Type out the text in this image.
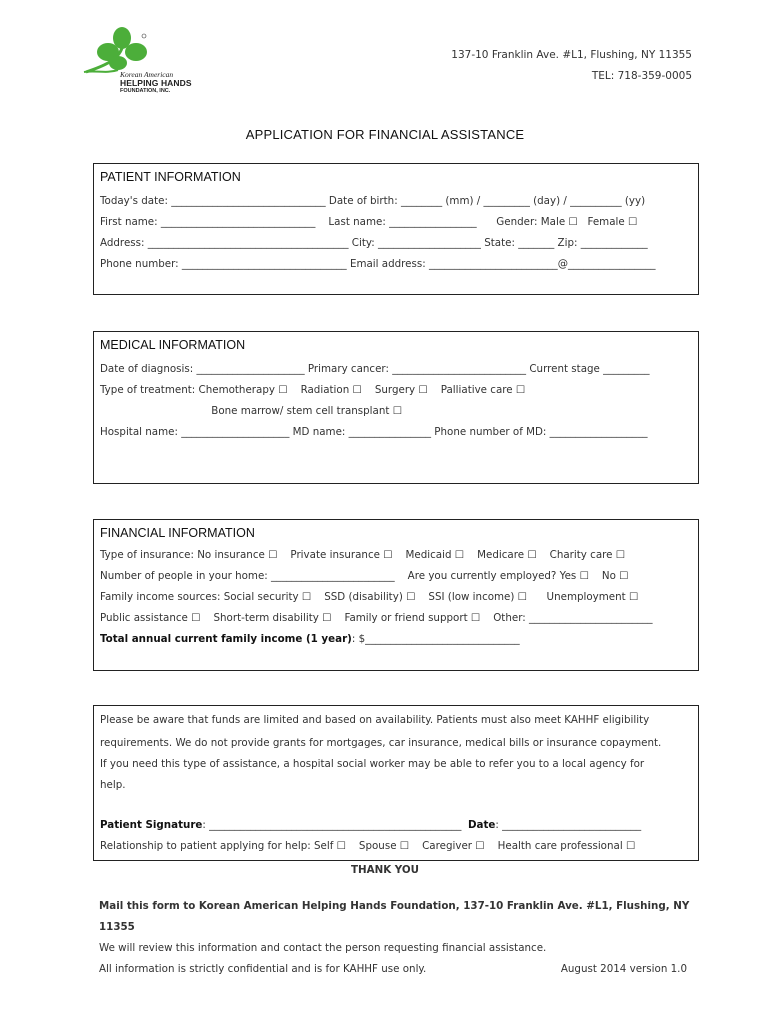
Korean American
HELPING HANDS
FOUNDATION, INC.
137-10 Franklin Ave. #L1, Flushing, NY 11355
TEL: 718-359-0005
APPLICATION FOR FINANCIAL ASSISTANCE
PATIENT INFORMATION
Today's date: ______________________________ Date of birth: ________ (mm) / _________ (day) / __________ (yy)
First name: ______________________________    Last name: _________________      Gender: Male ☐   Female ☐
Address: _______________________________________ City: ____________________ State: _______ Zip: _____________
Phone number: ________________________________ Email address: _________________________@_________________
MEDICAL INFORMATION
Date of diagnosis: _____________________ Primary cancer: __________________________ Current stage _________
Type of treatment: Chemotherapy ☐    Radiation ☐    Surgery ☐    Palliative care ☐
Bone marrow/ stem cell transplant ☐
Hospital name: _____________________ MD name: ________________ Phone number of MD: ___________________
FINANCIAL INFORMATION
Type of insurance: No insurance ☐    Private insurance ☐    Medicaid ☐    Medicare ☐    Charity care ☐
Number of people in your home: ________________________    Are you currently employed? Yes ☐    No ☐
Family income sources: Social security ☐    SSD (disability) ☐    SSI (low income) ☐      Unemployment ☐
Public assistance ☐    Short-term disability ☐    Family or friend support ☐    Other: ________________________
Total annual current family income (1 year): $______________________________
Please be aware that funds are limited and based on availability. Patients must also meet KAHHF eligibility
requirements. We do not provide grants for mortgages, car insurance, medical bills or insurance copayment.
If you need this type of assistance, a hospital social worker may be able to refer you to a local agency for
help.
Patient Signature: _________________________________________________ Date: ___________________________
Relationship to patient applying for help: Self ☐    Spouse ☐    Caregiver ☐    Health care professional ☐
THANK YOU
Mail this form to Korean American Helping Hands Foundation, 137-10 Franklin Ave. #L1, Flushing, NY
11355
We will review this information and contact the person requesting financial assistance.
All information is strictly confidential and is for KAHHF use only.	August 2014 version 1.0
